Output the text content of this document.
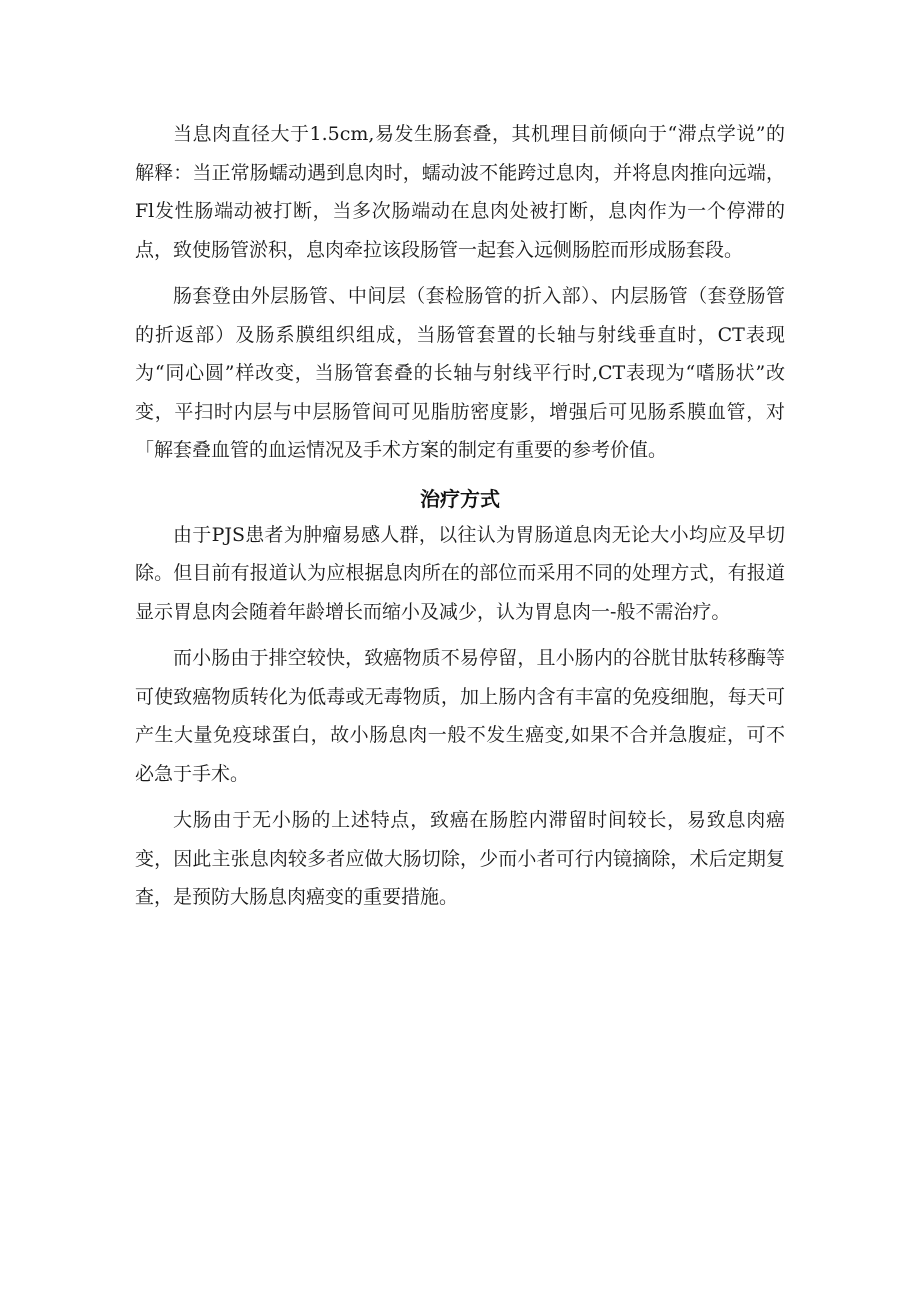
当息肉直径大于1.5cm,易发生肠套叠，其机理目前倾向于“滞点学说”的解释：当正常肠蠕动遇到息肉时，蠕动波不能跨过息肉，并将息肉推向远端，Fl发性肠端动被打断，当多次肠端动在息肉处被打断，息肉作为一个停滞的点，致使肠管淤积，息肉牵拉该段肠管一起套入远侧肠腔而形成肠套段。

肠套登由外层肠管、中间层（套检肠管的折入部）、内层肠管（套登肠管的折返部）及肠系膜组织组成，当肠管套置的长轴与射线垂直时，CT表现为“同心圆”样改变，当肠管套叠的长轴与射线平行时,CT表现为“嗜肠状”改变，平扫时内层与中层肠管间可见脂肪密度影，增强后可见肠系膜血管，对「解套叠血管的血运情况及手术方案的制定有重要的参考价值。

治疗方式

由于PJS患者为肿瘤易感人群，以往认为胃肠道息肉无论大小均应及早切除。但目前有报道认为应根据息肉所在的部位而采用不同的处理方式，有报道显示胃息肉会随着年龄增长而缩小及减少，认为胃息肉一-般不需治疗。

而小肠由于排空较快，致癌物质不易停留，且小肠内的谷胱甘肽转移酶等可使致癌物质转化为低毒或无毒物质，加上肠内含有丰富的免疫细胞，每天可产生大量免疫球蛋白，故小肠息肉一般不发生癌变,如果不合并急腹症，可不必急于手术。

大肠由于无小肠的上述特点，致癌在肠腔内滞留时间较长，易致息肉癌变，因此主张息肉较多者应做大肠切除，少而小者可行内镜摘除，术后定期复查，是预防大肠息肉癌变的重要措施。
